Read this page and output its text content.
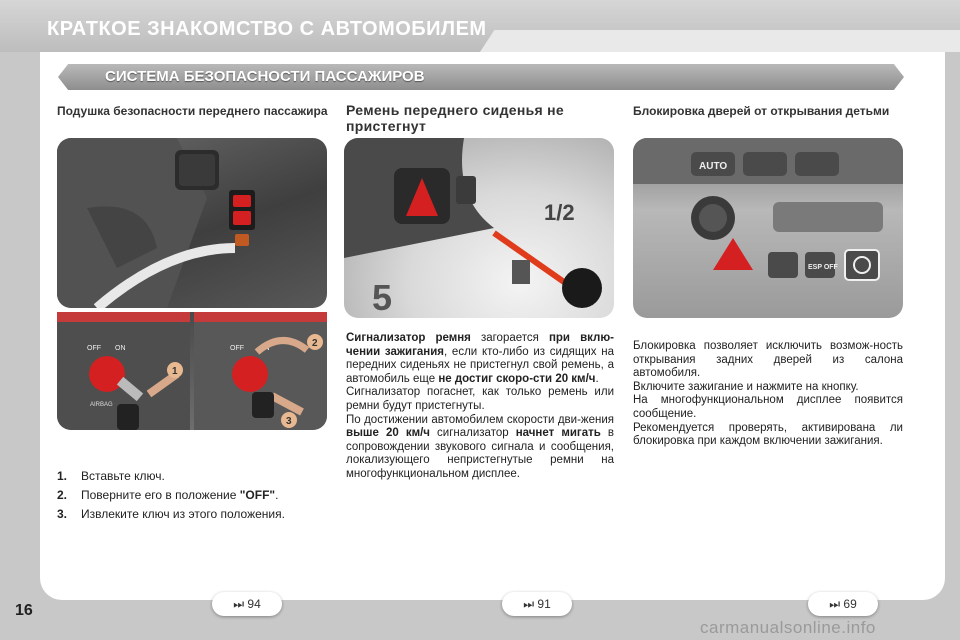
КРАТКОЕ ЗНАКОМСТВО С АВТОМОБИЛЕМ
СИСТЕМА БЕЗОПАСНОСТИ ПАССАЖИРОВ
Подушка безопасности переднего пассажира Ремень переднего сиденья не пристегнут
Блокировка дверей от открывания детьми
OFF ON	OFF ON
AIRBAG
1
2
3
1/2
5
AUTO
ESP OFF
1.	Вставьте ключ.
2.	Поверните его в положение "OFF".
3.	Извлеките ключ из этого положения.
Сигнализатор ремня загорается при вклю-чении зажигания, если кто-либо из сидящих на передних сиденьях не пристегнул свой ремень, а автомобиль еще не достиг скоро-сти 20 км/ч.
Сигнализатор погаснет, как только ремень или ремни будут пристегнуты.
По достижении автомобилем скорости дви-жения выше 20 км/ч сигнализатор начнет мигать в сопровождении звукового сигнала и сообщения, локализующего непристегнутые ремни на многофункциональном дисплее.
Блокировка позволяет исключить возмож-ность открывания задних дверей из салона автомобиля.
Включите зажигание и нажмите на кнопку.
На многофункциональном дисплее появится сообщение.
Рекомендуется проверять, активирована ли блокировка при каждом включении зажигания.
⏭ 94	⏭ 91	⏭ 69
16
carmanualsonline.info
